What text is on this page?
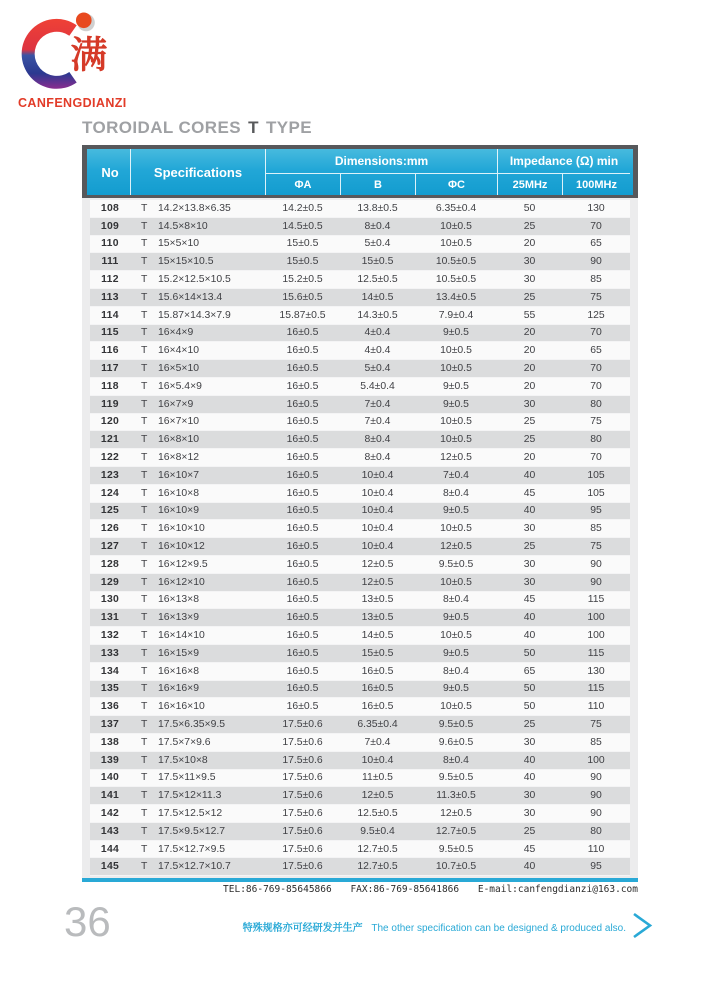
满
CANFENGDIANZI
TOROIDAL CORES T TYPE
No	Specifications
Dimensions:mm	Impedance (Ω) min
ΦA	B	ΦC	25MHz	100MHz
108	T	14.2×13.8×6.35	14.2±0.5	13.8±0.5	6.35±0.4	50	130
109	T	14.5×8×10	14.5±0.5	8±0.4	10±0.5	25	70
110	T	15×5×10	15±0.5	5±0.4	10±0.5	20	65
111	T	15×15×10.5	15±0.5	15±0.5	10.5±0.5	30	90
112	T	15.2×12.5×10.5	15.2±0.5	12.5±0.5	10.5±0.5	30	85
113	T	15.6×14×13.4	15.6±0.5	14±0.5	13.4±0.5	25	75
114	T	15.87×14.3×7.9	15.87±0.5	14.3±0.5	7.9±0.4	55	125
115	T	16×4×9	16±0.5	4±0.4	9±0.5	20	70
116	T	16×4×10	16±0.5	4±0.4	10±0.5	20	65
117	T	16×5×10	16±0.5	5±0.4	10±0.5	20	70
118	T	16×5.4×9	16±0.5	5.4±0.4	9±0.5	20	70
119	T	16×7×9	16±0.5	7±0.4	9±0.5	30	80
120	T	16×7×10	16±0.5	7±0.4	10±0.5	25	75
121	T	16×8×10	16±0.5	8±0.4	10±0.5	25	80
122	T	16×8×12	16±0.5	8±0.4	12±0.5	20	70
123	T	16×10×7	16±0.5	10±0.4	7±0.4	40	105
124	T	16×10×8	16±0.5	10±0.4	8±0.4	45	105
125	T	16×10×9	16±0.5	10±0.4	9±0.5	40	95
126	T	16×10×10	16±0.5	10±0.4	10±0.5	30	85
127	T	16×10×12	16±0.5	10±0.4	12±0.5	25	75
128	T	16×12×9.5	16±0.5	12±0.5	9.5±0.5	30	90
129	T	16×12×10	16±0.5	12±0.5	10±0.5	30	90
130	T	16×13×8	16±0.5	13±0.5	8±0.4	45	115
131	T	16×13×9	16±0.5	13±0.5	9±0.5	40	100
132	T	16×14×10	16±0.5	14±0.5	10±0.5	40	100
133	T	16×15×9	16±0.5	15±0.5	9±0.5	50	115
134	T	16×16×8	16±0.5	16±0.5	8±0.4	65	130
135	T	16×16×9	16±0.5	16±0.5	9±0.5	50	115
136	T	16×16×10	16±0.5	16±0.5	10±0.5	50	110
137	T	17.5×6.35×9.5	17.5±0.6	6.35±0.4	9.5±0.5	25	75
138	T	17.5×7×9.6	17.5±0.6	7±0.4	9.6±0.5	30	85
139	T	17.5×10×8	17.5±0.6	10±0.4	8±0.4	40	100
140	T	17.5×11×9.5	17.5±0.6	11±0.5	9.5±0.5	40	90
141	T	17.5×12×11.3	17.5±0.6	12±0.5	11.3±0.5	30	90
142	T	17.5×12.5×12	17.5±0.6	12.5±0.5	12±0.5	30	90
143	T	17.5×9.5×12.7	17.5±0.6	9.5±0.4	12.7±0.5	25	80
144	T	17.5×12.7×9.5	17.5±0.6	12.7±0.5	9.5±0.5	45	110
145	T	17.5×12.7×10.7	17.5±0.6	12.7±0.5	10.7±0.5	40	95
TEL:86-769-85645866 FAX:86-769-85641866 E-mail:canfengdianzi@163.com
36	特殊规格亦可经研发并生产 The other specification can be designed & produced also.
